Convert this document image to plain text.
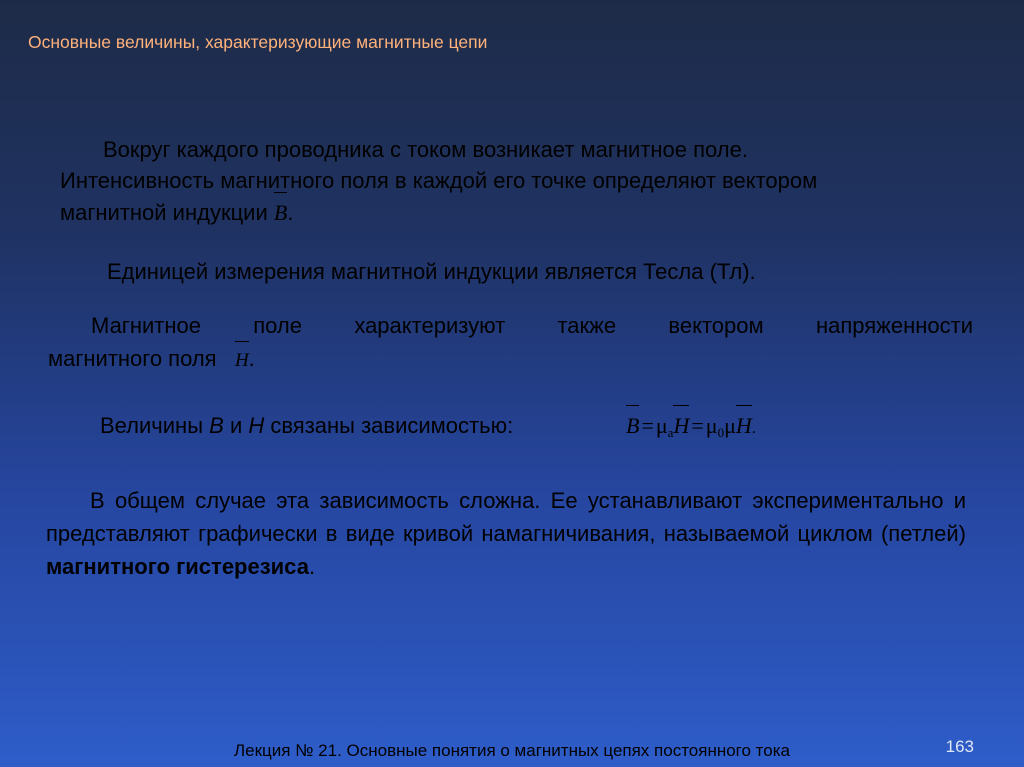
Основные величины, характеризующие магнитные цепи
Вокруг каждого проводника с током возникает магнитное поле.
Интенсивность магнитного поля в каждой его точке определяют вектором
магнитной индукции B.
Единицей измерения магнитной индукции является Тесла (Тл).
Магнитное поле характеризуют также вектором напряженности
магнитного поля H.
Величины B и H связаны зависимостью:	$B=\mu_аH=\mu_0\mu H$.
В общем случае эта зависимость сложна. Ее устанавливают экспериментально и представляют графически в виде кривой намагничивания, называемой циклом (петлей) магнитного гистерезиса.
Лекция № 21. Основные понятия о магнитных цепях постоянного тока	163
